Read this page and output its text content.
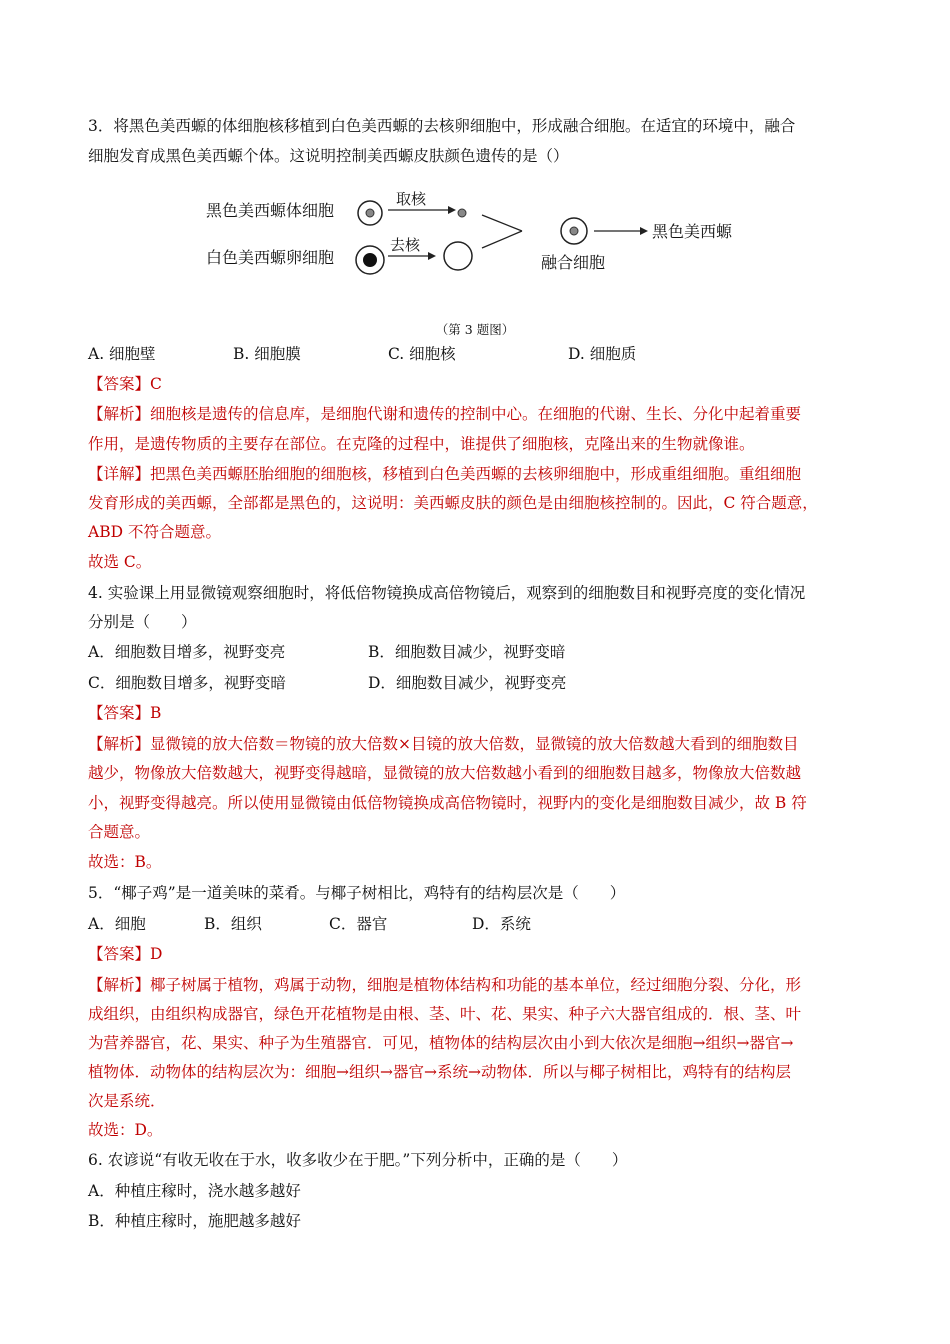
3．将黑色美西螈的体细胞核移植到白色美西螈的去核卵细胞中，形成融合细胞。在适宜的环境中，融合
细胞发育成黑色美西螈个体。这说明控制美西螈皮肤颜色遗传的是（）
黑色美西螈体细胞
白色美西螈卵细胞
取核
去核
融合细胞
黑色美西螈
（第 3 题图）
A. 细胞壁	B. 细胞膜	C. 细胞核	D. 细胞质
【答案】C
【解析】细胞核是遗传的信息库，是细胞代谢和遗传的控制中心。在细胞的代谢、生长、分化中起着重要
作用，是遗传物质的主要存在部位。在克隆的过程中，谁提供了细胞核，克隆出来的生物就像谁。
【详解】把黑色美西螈胚胎细胞的细胞核，移植到白色美西螈的去核卵细胞中，形成重组细胞。重组细胞
发育形成的美西螈，全部都是黑色的，这说明：美西螈皮肤的颜色是由细胞核控制的。因此，C 符合题意，
ABD 不符合题意。
故选 C。
4. 实验课上用显微镜观察细胞时，将低倍物镜换成高倍物镜后，观察到的细胞数目和视野亮度的变化情况
分别是（　　）
A．细胞数目增多，视野变亮	B．细胞数目减少，视野变暗
C．细胞数目增多，视野变暗	D．细胞数目减少，视野变亮
【答案】B
【解析】显微镜的放大倍数＝物镜的放大倍数×目镜的放大倍数，显微镜的放大倍数越大看到的细胞数目
越少，物像放大倍数越大，视野变得越暗，显微镜的放大倍数越小看到的细胞数目越多，物像放大倍数越
小，视野变得越亮。所以使用显微镜由低倍物镜换成高倍物镜时，视野内的变化是细胞数目减少，故 B 符
合题意。
故选：B。
5．“椰子鸡”是一道美味的菜肴。与椰子树相比，鸡特有的结构层次是（　　）
A．细胞	B．组织	C．器官	D．系统
【答案】D
【解析】椰子树属于植物，鸡属于动物，细胞是植物体结构和功能的基本单位，经过细胞分裂、分化，形
成组织，由组织构成器官，绿色开花植物是由根、茎、叶、花、果实、种子六大器官组成的．根、茎、叶
为营养器官，花、果实、种子为生殖器官．可见，植物体的结构层次由小到大依次是细胞→组织→器官→
植物体．动物体的结构层次为：细胞→组织→器官→系统→动物体．所以与椰子树相比，鸡特有的结构层
次是系统．
故选：D。
6. 农谚说“有收无收在于水，收多收少在于肥。”下列分析中，正确的是（　　）
A．种植庄稼时，浇水越多越好
B．种植庄稼时，施肥越多越好
